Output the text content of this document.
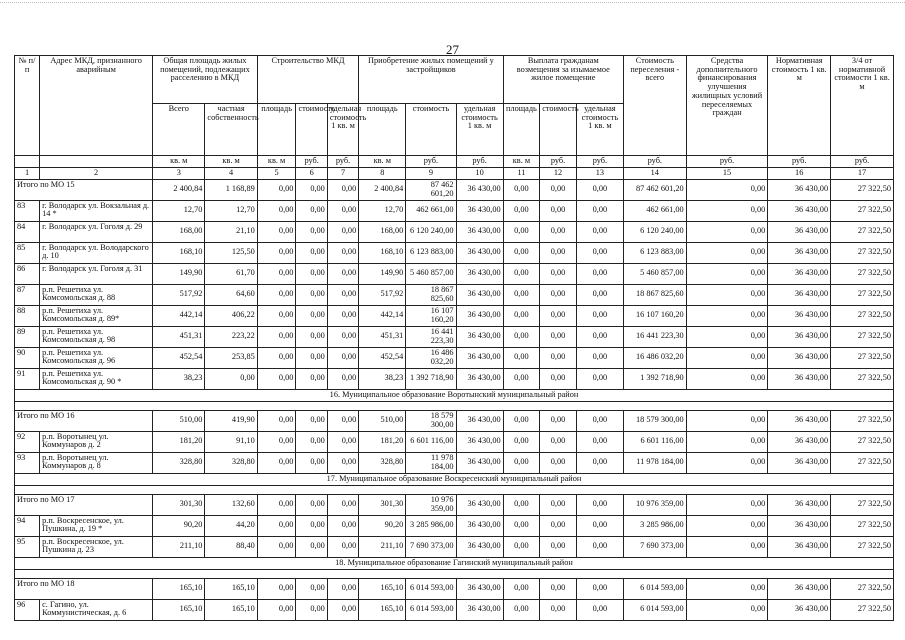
27
№ п/п	Адрес МКД, признанного аварийным	Общая площадь жилых помещений, подлежащих расселению в МКД		Строительство МКД			Приобретение жилых помещений у застройщиков			Выплата гражданам возмещения за изымаемое жилое помещение			Стоимость переселения - всего	Средства дополнительного финансирования улучшения жилищных условий переселяемых граждан	Нормативная стоимость 1 кв. м	3/4 от нормативной стоимости 1 кв. м
		Всего	частная собственность	площадь	стоимость	удельная стоимость 1 кв. м	площадь	стоимость	удельная стоимость 1 кв. м	площадь	стоимость	удельная стоимость 1 кв. м				
		кв. м	кв. м	кв. м	руб.	руб.	кв. м	руб.	руб.	кв. м	руб.	руб.	руб.	руб.	руб.	руб.
1	2	3	4	5	6	7	8	9	10	11	12	13	14	15	16	17
Итого по МО 15		2 400,84	1 168,89	0,00	0,00	0,00	2 400,84	87 462 601,20	36 430,00	0,00	0,00	0,00	87 462 601,20	0,00	36 430,00	27 322,50
83	г. Володарск ул. Вокзальная д. 14 *	12,70	12,70	0,00	0,00	0,00	12,70	462 661,00	36 430,00	0,00	0,00	0,00	462 661,00	0,00	36 430,00	27 322,50
84	г. Володарск ул. Гоголя д. 29	168,00	21,10	0,00	0,00	0,00	168,00	6 120 240,00	36 430,00	0,00	0,00	0,00	6 120 240,00	0,00	36 430,00	27 322,50
85	г. Володарск ул. Володарского д. 10	168,10	125,50	0,00	0,00	0,00	168,10	6 123 883,00	36 430,00	0,00	0,00	0,00	6 123 883,00	0,00	36 430,00	27 322,50
86	г. Володарск ул. Гоголя д. 31	149,90	61,70	0,00	0,00	0,00	149,90	5 460 857,00	36 430,00	0,00	0,00	0,00	5 460 857,00	0,00	36 430,00	27 322,50
87	р.п. Решетиха ул. Комсомольская д. 88	517,92	64,60	0,00	0,00	0,00	517,92	18 867 825,60	36 430,00	0,00	0,00	0,00	18 867 825,60	0,00	36 430,00	27 322,50
88	р.п. Решетиха ул. Комсомольская д. 89*	442,14	406,22	0,00	0,00	0,00	442,14	16 107 160,20	36 430,00	0,00	0,00	0,00	16 107 160,20	0,00	36 430,00	27 322,50
89	р.п. Решетиха ул. Комсомольская д. 98	451,31	223,22	0,00	0,00	0,00	451,31	16 441 223,30	36 430,00	0,00	0,00	0,00	16 441 223,30	0,00	36 430,00	27 322,50
90	р.п. Решетиха ул. Комсомольская д. 96	452,54	253,85	0,00	0,00	0,00	452,54	16 486 032,20	36 430,00	0,00	0,00	0,00	16 486 032,20	0,00	36 430,00	27 322,50
91	р.п. Решетиха ул. Комсомольская д. 90 *	38,23	0,00	0,00	0,00	0,00	38,23	1 392 718,90	36 430,00	0,00	0,00	0,00	1 392 718,90	0,00	36 430,00	27 322,50
16. Муниципальное образование Воротынский муниципальный район																

Итого по МО 16		510,00	419,90	0,00	0,00	0,00	510,00	18 579 300,00	36 430,00	0,00	0,00	0,00	18 579 300,00	0,00	36 430,00	27 322,50
92	р.п. Воротынец ул. Коммунаров д. 2	181,20	91,10	0,00	0,00	0,00	181,20	6 601 116,00	36 430,00	0,00	0,00	0,00	6 601 116,00	0,00	36 430,00	27 322,50
93	р.п. Воротынец ул. Коммунаров д. 8	328,80	328,80	0,00	0,00	0,00	328,80	11 978 184,00	36 430,00	0,00	0,00	0,00	11 978 184,00	0,00	36 430,00	27 322,50
17. Муниципальное образование Воскресенский муниципальный район																

Итого по МО 17		301,30	132,60	0,00	0,00	0,00	301,30	10 976 359,00	36 430,00	0,00	0,00	0,00	10 976 359,00	0,00	36 430,00	27 322,50
94	р.п. Воскресенское, ул. Пушкина, д. 19 *	90,20	44,20	0,00	0,00	0,00	90,20	3 285 986,00	36 430,00	0,00	0,00	0,00	3 285 986,00	0,00	36 430,00	27 322,50
95	р.п. Воскресенское, ул. Пушкина д. 23	211,10	88,40	0,00	0,00	0,00	211,10	7 690 373,00	36 430,00	0,00	0,00	0,00	7 690 373,00	0,00	36 430,00	27 322,50
18. Муниципальное образование Гагинский муниципальный район																

Итого по МО 18		165,10	165,10	0,00	0,00	0,00	165,10	6 014 593,00	36 430,00	0,00	0,00	0,00	6 014 593,00	0,00	36 430,00	27 322,50
96	с. Гагино, ул. Коммунистическая, д. 6	165,10	165,10	0,00	0,00	0,00	165,10	6 014 593,00	36 430,00	0,00	0,00	0,00	6 014 593,00	0,00	36 430,00	27 322,50
